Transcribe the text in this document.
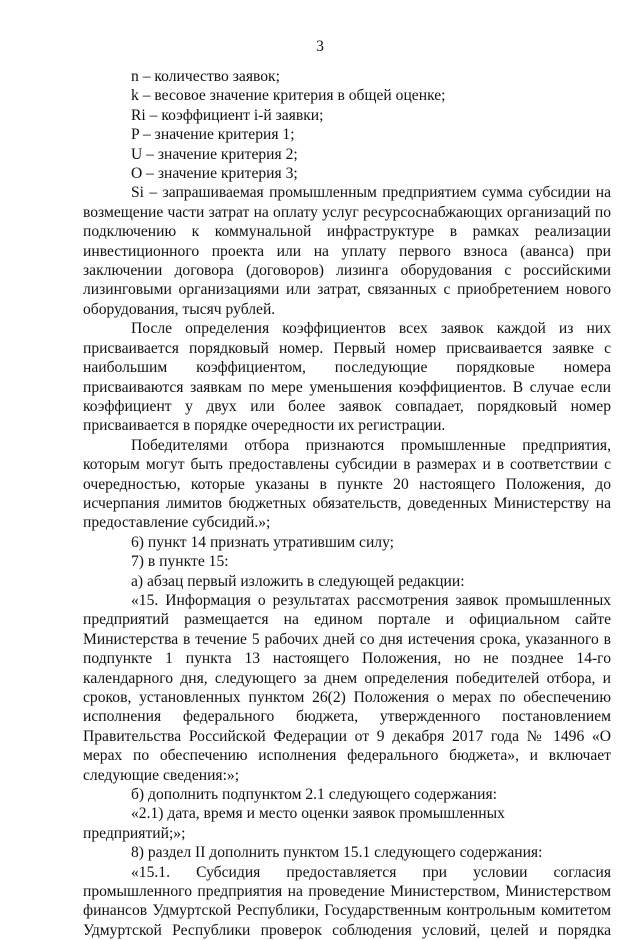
3

n – количество заявок;

k – весовое значение критерия в общей оценке;

Ri – коэффициент i-й заявки;

P – значение критерия 1;

U – значение критерия 2;

O – значение критерия 3;

Si – запрашиваемая промышленным предприятием сумма субсидии на возмещение части затрат на оплату услуг ресурсоснабжающих организаций по подключению к коммунальной инфраструктуре в рамках реализации инвестиционного проекта или на уплату первого взноса (аванса) при заключении договора (договоров) лизинга оборудования с российскими лизинговыми организациями или затрат, связанных с приобретением нового оборудования, тысяч рублей.

После определения коэффициентов всех заявок каждой из них присваивается порядковый номер. Первый номер присваивается заявке с наибольшим коэффициентом, последующие порядковые номера присваиваются заявкам по мере уменьшения коэффициентов. В случае если коэффициент у двух или более заявок совпадает, порядковый номер присваивается в порядке очередности их регистрации.

Победителями отбора признаются промышленные предприятия, которым могут быть предоставлены субсидии в размерах и в соответствии с очередностью, которые указаны в пункте 20 настоящего Положения, до исчерпания лимитов бюджетных обязательств, доведенных Министерству на предоставление субсидий.»;

6) пункт 14 признать утратившим силу;

7) в пункте 15:

а) абзац первый изложить в следующей редакции:

«15. Информация о результатах рассмотрения заявок промышленных предприятий размещается на едином портале и официальном сайте Министерства в течение 5 рабочих дней со дня истечения срока, указанного в подпункте 1 пункта 13 настоящего Положения, но не позднее 14-го календарного дня, следующего за днем определения победителей отбора, и сроков, установленных пунктом 26(2) Положения о мерах по обеспечению исполнения федерального бюджета, утвержденного постановлением Правительства Российской Федерации от 9 декабря 2017 года № 1496 «О мерах по обеспечению исполнения федерального бюджета», и включает следующие сведения:»;

б) дополнить подпунктом 2.1 следующего содержания:

«2.1) дата, время и место оценки заявок промышленных предприятий;»;

8) раздел II дополнить пунктом 15.1 следующего содержания:

«15.1. Субсидия предоставляется при условии согласия промышленного предприятия на проведение Министерством, Министерством финансов Удмуртской Республики, Государственным контрольным комитетом Удмуртской Республики проверок соблюдения условий, целей и порядка
